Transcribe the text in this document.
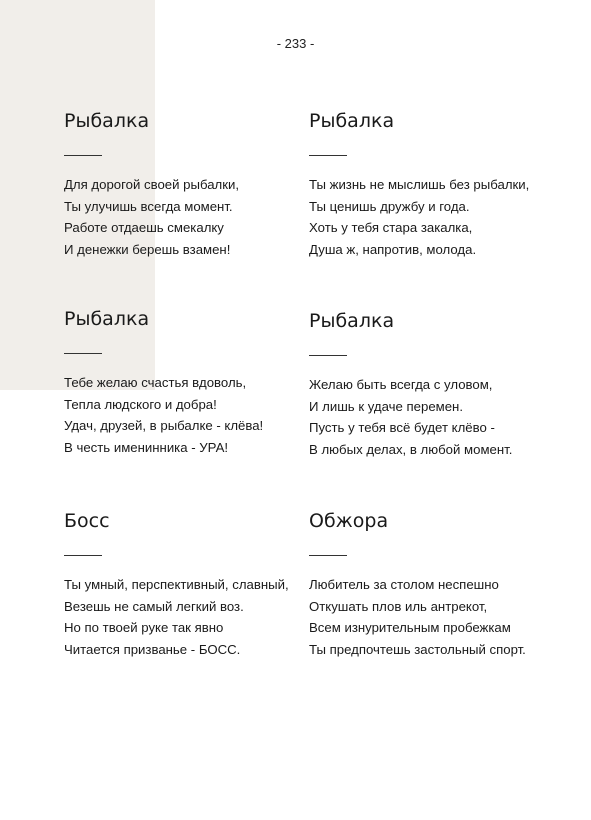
- 233 -
Рыбалка

Для дорогой своей рыбалки,

Ты улучишь всегда момент.

Работе отдаешь смекалку

И денежки берешь взамен!

Рыбалка

Ты жизнь не мыслишь без рыбалки,

Ты ценишь дружбу и года.

Хоть у тебя стара закалка,

Душа ж, напротив, молода.

Рыбалка

Тебе желаю счастья вдоволь,

Тепла людского и добра!

Удач, друзей, в рыбалке - клёва!

В честь именинника - УРА!

Рыбалка

Желаю быть всегда с уловом,

И лишь к удаче перемен.

Пусть у тебя всё будет клёво -

В любых делах, в любой момент.

Босс

Ты умный, перспективный, славный,

Везешь не самый легкий воз.

Но по твоей руке так явно

Читается призванье - БОСС.

Обжора

Любитель за столом неспешно

Откушать плов иль антрекот,

Всем изнурительным пробежкам

Ты предпочтешь застольный спорт.
